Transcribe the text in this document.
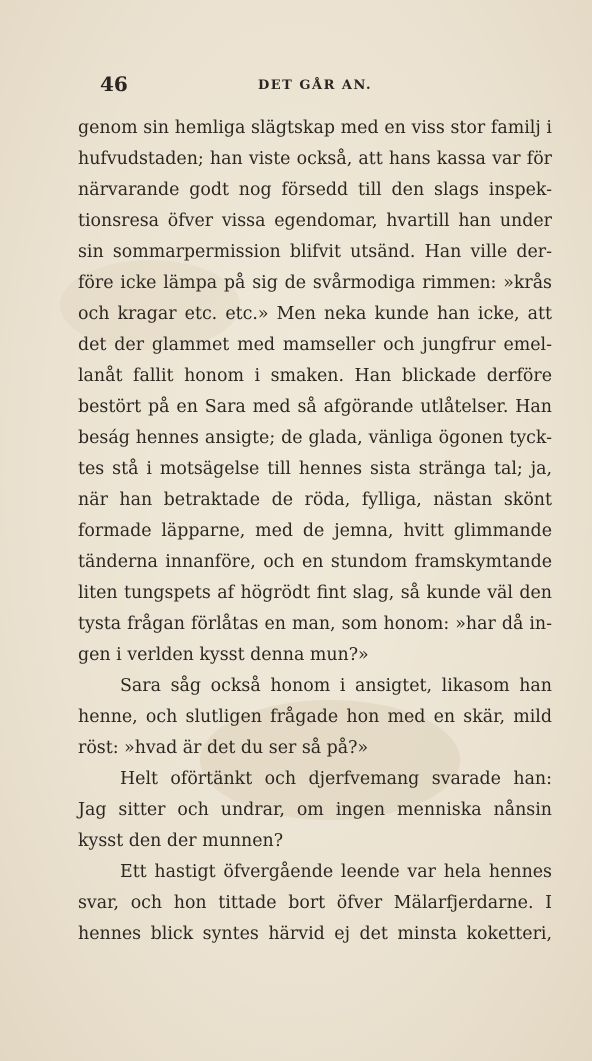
46	DET GÅR AN.
genom sin hemliga slägtskap med en viss stor familj i
hufvudstaden; han viste också, att hans kassa var för
närvarande godt nog försedd till den slags inspek-
tionsresa öfver vissa egendomar, hvartill han under
sin sommarpermission blifvit utsänd. Han ville der-
före icke lämpa på sig de svårmodiga rimmen: »krås
och kragar etc. etc.» Men neka kunde han icke, att
det der glammet med mamseller och jungfrur emel-
lanåt fallit honom i smaken. Han blickade derföre
bestört på en Sara med så afgörande utlåtelser. Han
beság hennes ansigte; de glada, vänliga ögonen tyck-
tes stå i motsägelse till hennes sista stränga tal; ja,
när han betraktade de röda, fylliga, nästan skönt
formade läpparne, med de jemna, hvitt glimmande
tänderna innanföre, och en stundom framskymtande
liten tungspets af högrödt fint slag, så kunde väl den
tysta frågan förlåtas en man, som honom: »har då in-
gen i verlden kysst denna mun?»
Sara såg också honom i ansigtet, likasom han
henne, och slutligen frågade hon med en skär, mild
röst: »hvad är det du ser så på?»
Helt oförtänkt och djerfvemang svarade han:
Jag sitter och undrar, om ingen menniska nånsin
kysst den der munnen?
Ett hastigt öfvergående leende var hela hennes
svar, och hon tittade bort öfver Mälarfjerdarne. I
hennes blick syntes härvid ej det minsta koketteri,
